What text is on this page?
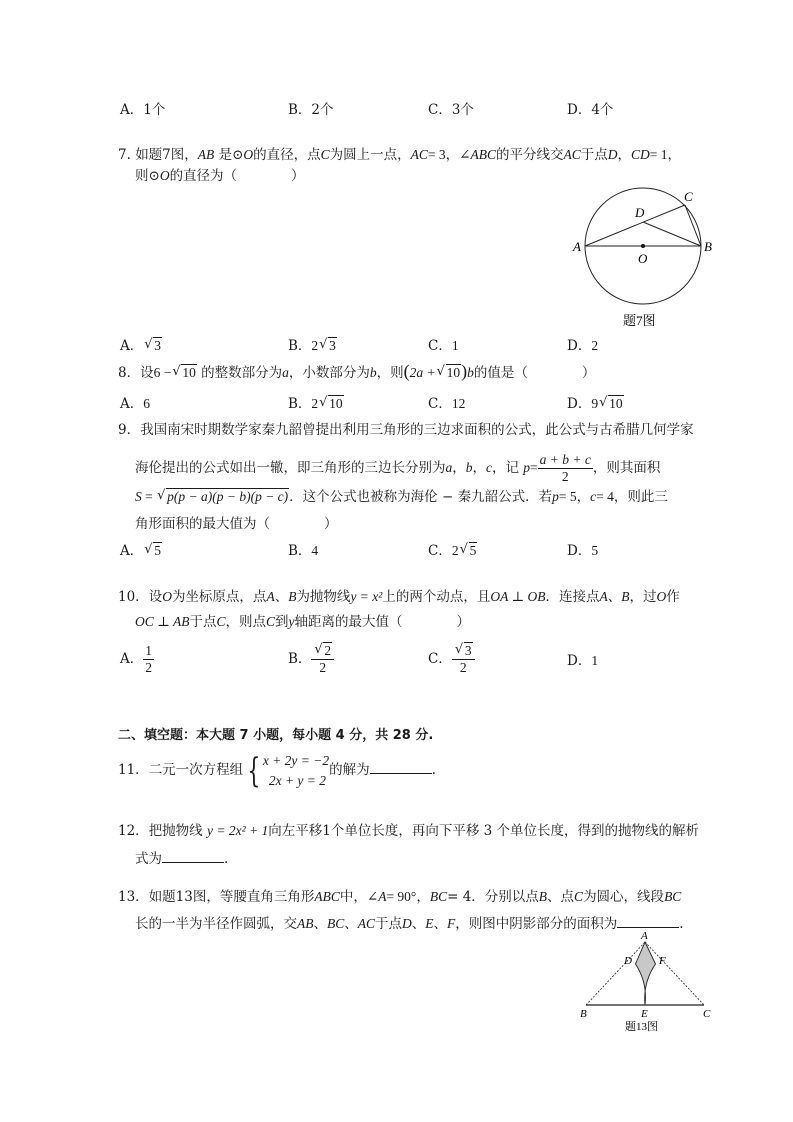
A．1个	B．2个	C．3个	D．4个
7. 如题7图，AB 是⊙O的直径，点C为圆上一点，AC= 3，∠ABC的平分线交AC于点D，CD= 1，
则⊙O的直径为（　　　　）
A	B
C
D
O
题7图
A． √ 3	B．2 √ 3	C．1	D．2
8．设6 − √ 10 的整数部分为a，小数部分为b，则(2a + √ 10)b的值是（　　　　）
A．6	B．2 √ 10	C．12	D．9 √ 10
9．我国南宋时期数学家秦九韶曾提出利用三角形的三边求面积的公式，此公式与古希腊几何学家
海伦提出的公式如出一辙，即三角形的三边长分别为a，b，c，记 $p= \frac{a + b + c}{2}$ ，则其面积
S = √ p(p − a)(p − b)(p − c)．这个公式也被称为海伦 − 秦九韶公式．若p= 5，c= 4，则此三
角形面积的最大值为（　　　　）
A． √ 5	B．4	C．2 √ 5	D．5
10．设O为坐标原点，点A、B为抛物线y = x²上的两个动点，且OA ⊥ OB．连接点A、B，过O作
OC ⊥ AB于点C，则点C到y轴距离的最大值（　　　　）
A． $\frac{1}{2}$	B． √ $\frac{2}{2}$	C． √ $\frac{3}{2}$	D．1
二、填空题：本大题 7 小题，每小题 4 分，共 28 分.
11．二元一次方程组 { x + 2y = −2
2x + y = 2
的解为	.
12．把抛物线 y = 2x² + 1向左平移1个单位长度，再向下平移 3 个单位长度，得到的抛物线的解析
式为	.
13．如题13图，等腰直角三角形ABC中，∠A= 90°，BC= 4．分别以点B、点C为圆心，线段BC
长的一半为半径作圆弧，交AB、BC、AC于点D、E、F，则图中阴影部分的面积为	.
A
D F
B	E	C
题13图
